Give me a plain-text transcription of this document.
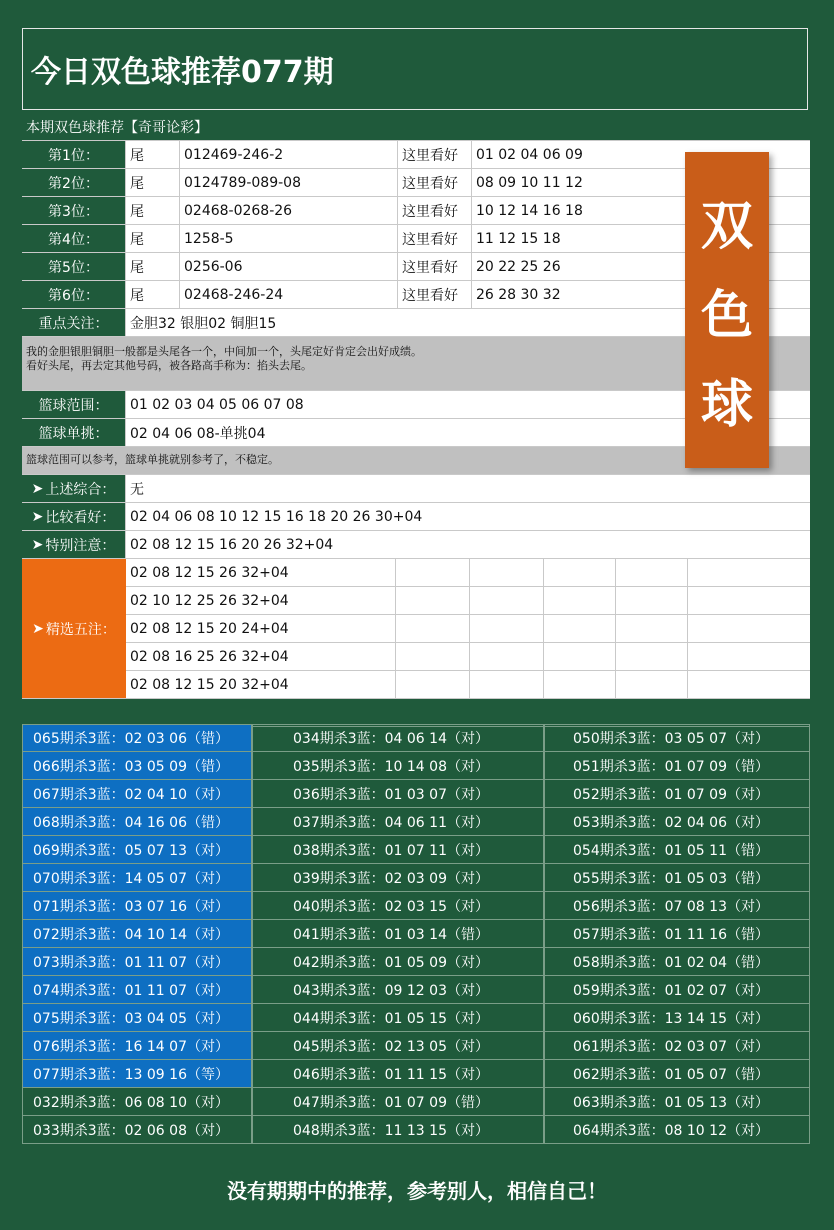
今日双色球推荐077期
本期双色球推荐【奇哥论彩】
第1位：	尾	012469-246-2	这里看好	01 02 04 06 09
第2位：	尾	0124789-089-08	这里看好	08 09 10 11 12
第3位：	尾	02468-0268-26	这里看好	10 12 14 16 18
第4位：	尾	1258-5	这里看好	11 12 15 18
第5位：	尾	0256-06	这里看好	20 22 25 26
第6位：	尾	02468-246-24	这里看好	26 28 30 32
重点关注：	金胆32 银胆02 铜胆15
我的金胆银胆铜胆一般都是头尾各一个，中间加一个，头尾定好肯定会出好成绩。
看好头尾，再去定其他号码，被各路高手称为：掐头去尾。
篮球范围：	01 02 03 04 05 06 07 08
篮球单挑：	02 04 06 08-单挑04
篮球范围可以参考，篮球单挑就别参考了，不稳定。
➤ 上述综合： 无
➤ 比较看好： 02 04 06 08 10 12 15 16 18 20 26 30+04
➤ 特别注意： 02 08 12 15 16 20 26 32+04
➤ 精选五注：
02 08 12 15 26 32+04
02 10 12 25 26 32+04
02 08 12 15 20 24+04
02 08 16 25 26 32+04
02 08 12 15 20 32+04
双
色
球
065期杀3蓝：02 03 06（错）	034期杀3蓝：04 06 14（对）	050期杀3蓝：03 05 07（对）
066期杀3蓝：03 05 09（错）	035期杀3蓝：10 14 08（对）	051期杀3蓝：01 07 09（错）
067期杀3蓝：02 04 10（对）	036期杀3蓝：01 03 07（对）	052期杀3蓝：01 07 09（对）
068期杀3蓝：04 16 06（错）	037期杀3蓝：04 06 11（对）	053期杀3蓝：02 04 06（对）
069期杀3蓝：05 07 13（对）	038期杀3蓝：01 07 11（对）	054期杀3蓝：01 05 11（错）
070期杀3蓝：14 05 07（对）	039期杀3蓝：02 03 09（对）	055期杀3蓝：01 05 03（错）
071期杀3蓝：03 07 16（对）	040期杀3蓝：02 03 15（对）	056期杀3蓝：07 08 13（对）
072期杀3蓝：04 10 14（对）	041期杀3蓝：01 03 14（错）	057期杀3蓝：01 11 16（错）
073期杀3蓝：01 11 07（对）	042期杀3蓝：01 05 09（对）	058期杀3蓝：01 02 04（错）
074期杀3蓝：01 11 07（对）	043期杀3蓝：09 12 03（对）	059期杀3蓝：01 02 07（对）
075期杀3蓝：03 04 05（对）	044期杀3蓝：01 05 15（对）	060期杀3蓝：13 14 15（对）
076期杀3蓝：16 14 07（对）	045期杀3蓝：02 13 05（对）	061期杀3蓝：02 03 07（对）
077期杀3蓝：13 09 16（等）	046期杀3蓝：01 11 15（对）	062期杀3蓝：01 05 07（错）
032期杀3蓝：06 08 10（对）	047期杀3蓝：01 07 09（错）	063期杀3蓝：01 05 13（对）
033期杀3蓝：02 06 08（对）	048期杀3蓝：11 13 15（对）	064期杀3蓝：08 10 12（对）
没有期期中的推荐，参考别人，相信自己！
